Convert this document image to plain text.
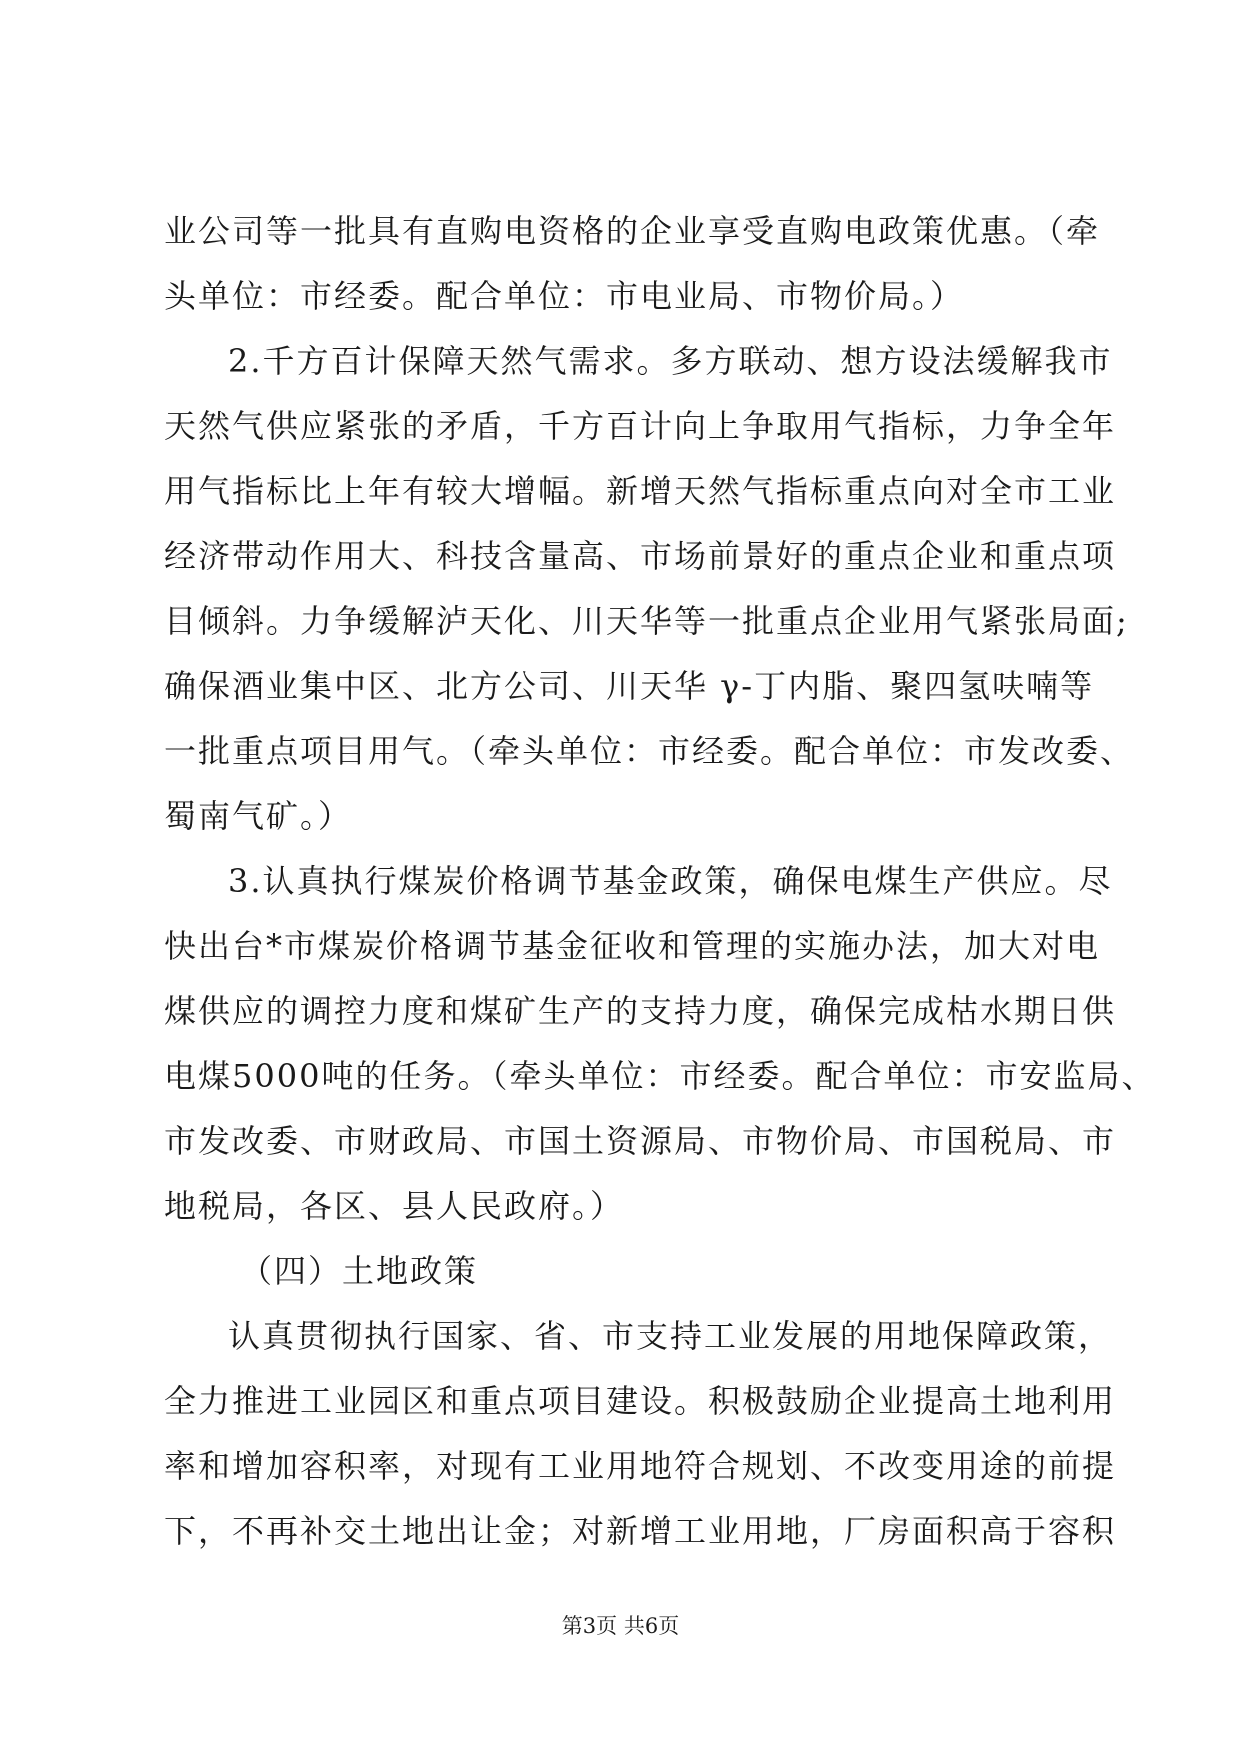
业公司等一批具有直购电资格的企业享受直购电政策优惠。（牵
头单位：市经委。配合单位：市电业局、市物价局。）
2.千方百计保障天然气需求。多方联动、想方设法缓解我市
天然气供应紧张的矛盾，千方百计向上争取用气指标，力争全年
用气指标比上年有较大增幅。新增天然气指标重点向对全市工业
经济带动作用大、科技含量高、市场前景好的重点企业和重点项
目倾斜。力争缓解泸天化、川天华等一批重点企业用气紧张局面;
确保酒业集中区、北方公司、川天华 γ-丁内脂、聚四氢呋喃等
一批重点项目用气。（牵头单位：市经委。配合单位：市发改委、
蜀南气矿。）
3.认真执行煤炭价格调节基金政策，确保电煤生产供应。尽
快出台*市煤炭价格调节基金征收和管理的实施办法，加大对电
煤供应的调控力度和煤矿生产的支持力度，确保完成枯水期日供
电煤5000吨的任务。（牵头单位：市经委。配合单位：市安监局、
市发改委、市财政局、市国土资源局、市物价局、市国税局、市
地税局，各区、县人民政府。）
（四）土地政策
认真贯彻执行国家、省、市支持工业发展的用地保障政策，
全力推进工业园区和重点项目建设。积极鼓励企业提高土地利用
率和增加容积率，对现有工业用地符合规划、不改变用途的前提
下，不再补交土地出让金；对新增工业用地，厂房面积高于容积
第3页 共6页
